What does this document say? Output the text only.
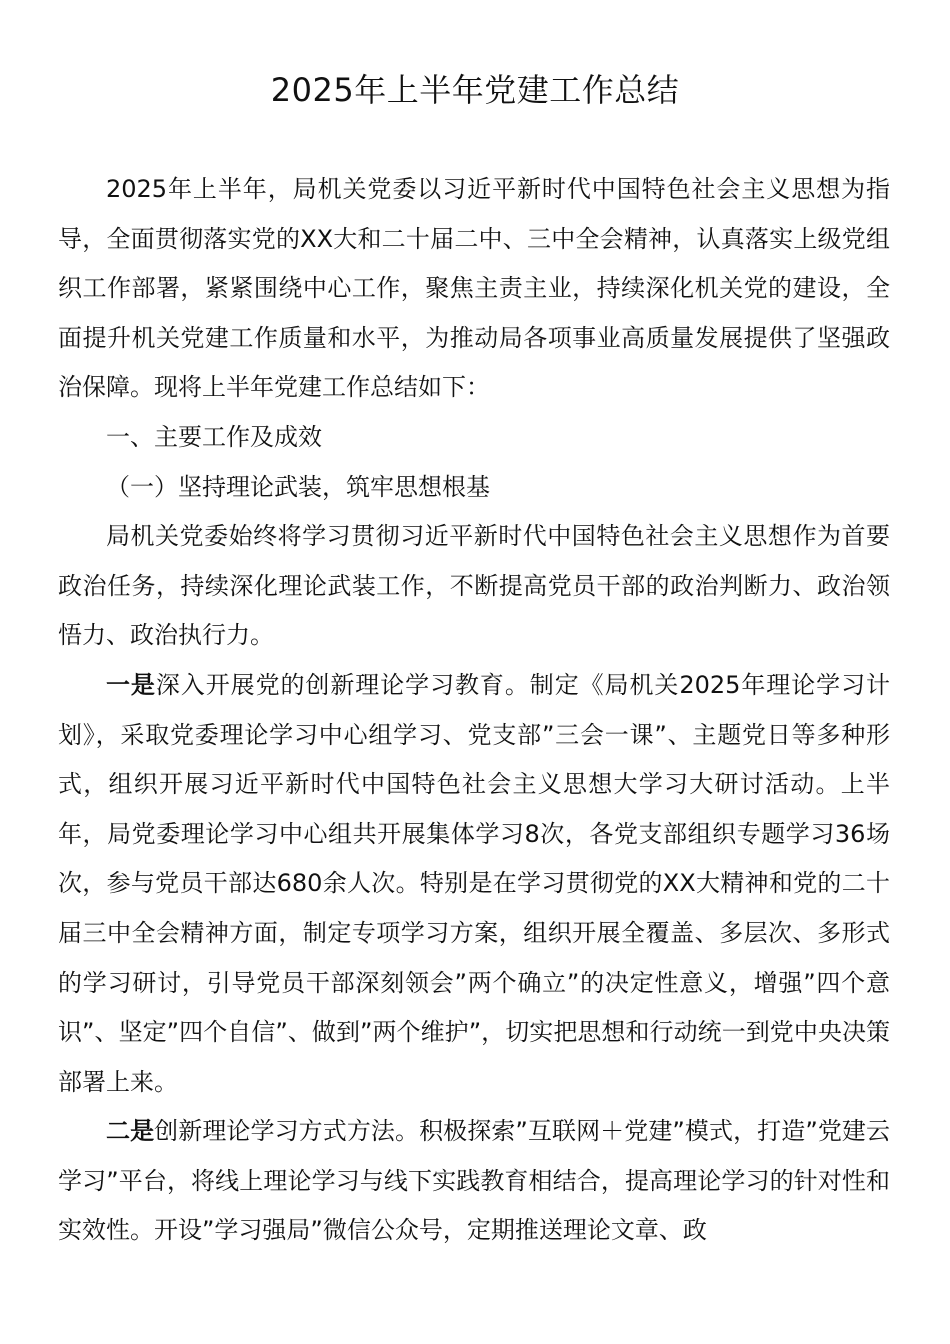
2025年上半年党建工作总结

2025年上半年，局机关党委以习近平新时代中国特色社会主义思想为指导，全面贯彻落实党的XX大和二十届二中、三中全会精神，认真落实上级党组织工作部署，紧紧围绕中心工作，聚焦主责主业，持续深化机关党的建设，全面提升机关党建工作质量和水平，为推动局各项事业高质量发展提供了坚强政治保障。现将上半年党建工作总结如下：

一、主要工作及成效

（一）坚持理论武装，筑牢思想根基

局机关党委始终将学习贯彻习近平新时代中国特色社会主义思想作为首要政治任务，持续深化理论武装工作，不断提高党员干部的政治判断力、政治领悟力、政治执行力。

一是深入开展党的创新理论学习教育。制定《局机关2025年理论学习计划》，采取党委理论学习中心组学习、党支部”三会一课”、主题党日等多种形式，组织开展习近平新时代中国特色社会主义思想大学习大研讨活动。上半年，局党委理论学习中心组共开展集体学习8次，各党支部组织专题学习36场次，参与党员干部达680余人次。特别是在学习贯彻党的XX大精神和党的二十届三中全会精神方面，制定专项学习方案，组织开展全覆盖、多层次、多形式的学习研讨，引导党员干部深刻领会”两个确立”的决定性意义，增强”四个意识”、坚定”四个自信”、做到”两个维护”，切实把思想和行动统一到党中央决策部署上来。

二是创新理论学习方式方法。积极探索”互联网＋党建”模式，打造”党建云学习”平台，将线上理论学习与线下实践教育相结合，提高理论学习的针对性和实效性。开设”学习强局”微信公众号，定期推送理论文章、政
